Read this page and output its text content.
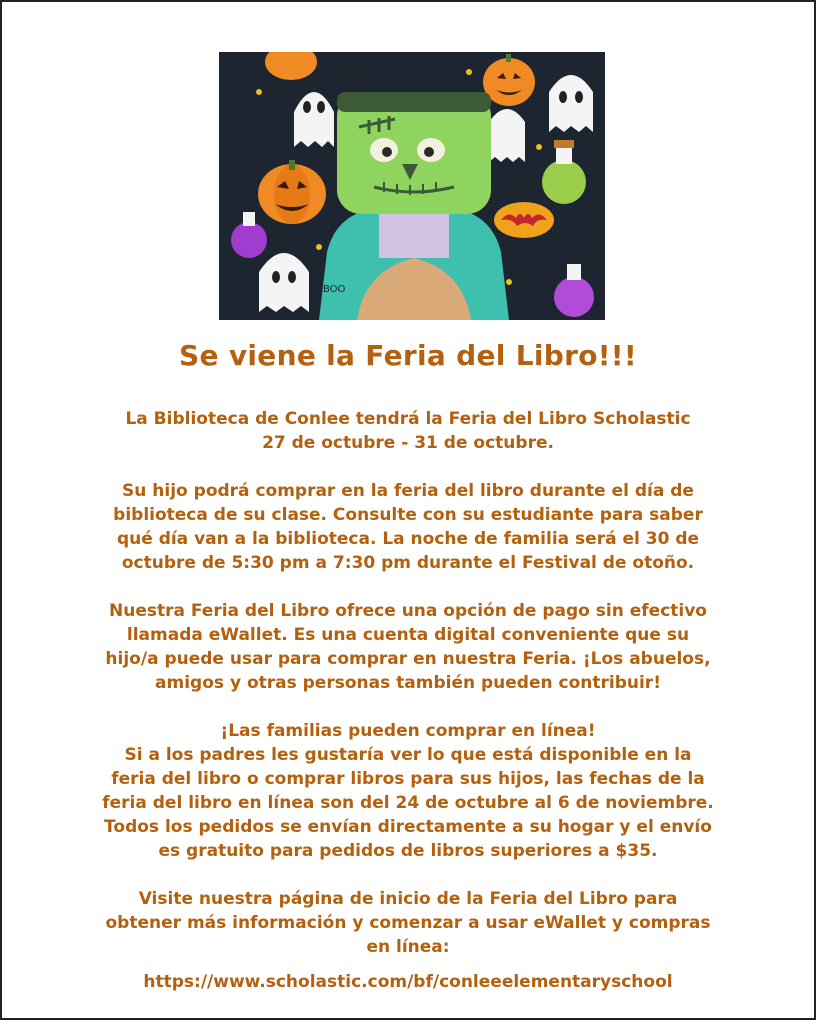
BOO
BOO
BOO
Se viene la Feria del Libro!!!

La Biblioteca de Conlee tendrá la Feria del Libro Scholastic
27 de octubre - 31 de octubre.

Su hijo podrá comprar en la feria del libro durante el día de
biblioteca de su clase. Consulte con su estudiante para saber
qué día van a la biblioteca. La noche de familia será el 30 de
octubre de 5:30 pm a 7:30 pm durante el Festival de otoño.

Nuestra Feria del Libro ofrece una opción de pago sin efectivo
llamada eWallet. Es una cuenta digital conveniente que su
hijo/a puede usar para comprar en nuestra Feria. ¡Los abuelos,
amigos y otras personas también pueden contribuir!

¡Las familias pueden comprar en línea!
Si a los padres les gustaría ver lo que está disponible en la
feria del libro o comprar libros para sus hijos, las fechas de la
feria del libro en línea son del 24 de octubre al 6 de noviembre.
Todos los pedidos se envían directamente a su hogar y el envío
es gratuito para pedidos de libros superiores a $35.

Visite nuestra página de inicio de la Feria del Libro para
obtener más información y comenzar a usar eWallet y compras
en línea:

https://www.scholastic.com/bf/conleeelementaryschool
